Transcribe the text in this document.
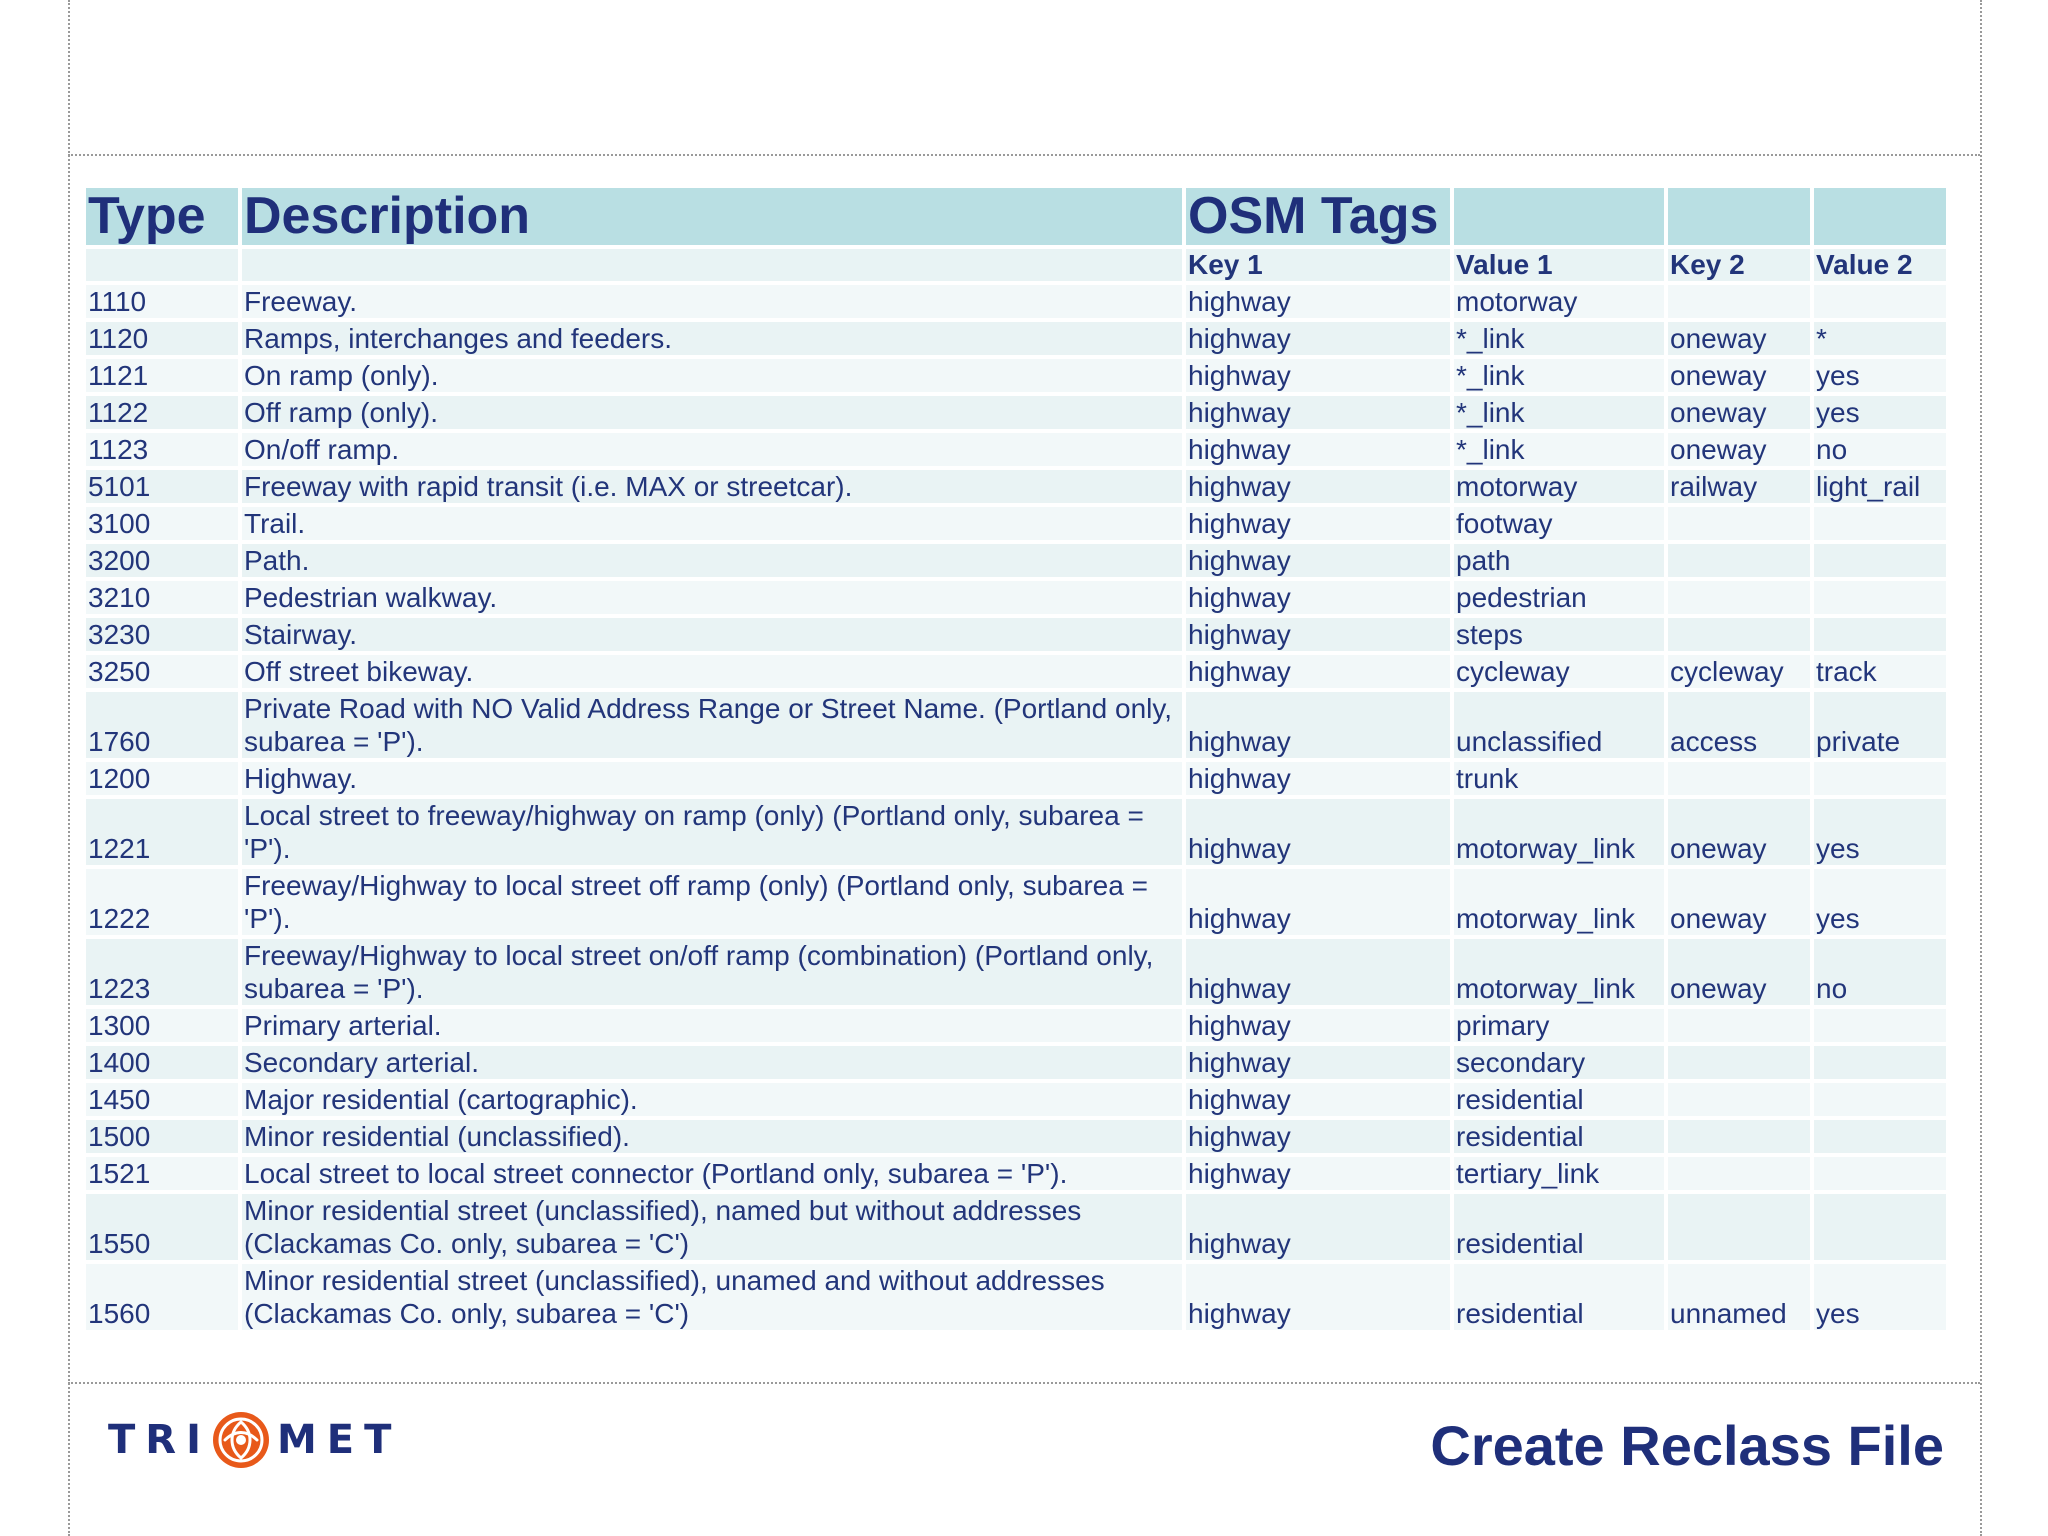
Type	Description	OSM Tags			
		Key 1	Value 1	Key 2	Value 2
1110	Freeway.	highway	motorway		
1120	Ramps, interchanges and feeders.	highway	*_link	oneway	*
1121	On ramp (only).	highway	*_link	oneway	yes
1122	Off ramp (only).	highway	*_link	oneway	yes
1123	On/off ramp.	highway	*_link	oneway	no
5101	Freeway with rapid transit (i.e. MAX or streetcar).	highway	motorway	railway	light_rail
3100	Trail.	highway	footway		
3200	Path.	highway	path		
3210	Pedestrian walkway.	highway	pedestrian		
3230	Stairway.	highway	steps		
3250	Off street bikeway.	highway	cycleway	cycleway	track
1760	Private Road with NO Valid Address Range or Street Name. (Portland only, subarea = 'P').	highway	unclassified	access	private
1200	Highway.	highway	trunk		
1221	Local street to freeway/highway on ramp (only) (Portland only, subarea = 'P').	highway	motorway_link	oneway	yes
1222	Freeway/Highway to local street off ramp (only) (Portland only, subarea = 'P').	highway	motorway_link	oneway	yes
1223	Freeway/Highway to local street on/off ramp (combination) (Portland only, subarea = 'P').	highway	motorway_link	oneway	no
1300	Primary arterial.	highway	primary		
1400	Secondary arterial.	highway	secondary		
1450	Major residential (cartographic).	highway	residential		
1500	Minor residential (unclassified).	highway	residential		
1521	Local street to local street connector (Portland only, subarea = 'P').	highway	tertiary_link		
1550	Minor residential street (unclassified), named but without addresses (Clackamas Co. only, subarea = 'C')	highway	residential		
1560	Minor residential street (unclassified), unamed and without addresses (Clackamas Co. only, subarea = 'C')	highway	residential	unnamed	yes
TRI MET	Create Reclass File
